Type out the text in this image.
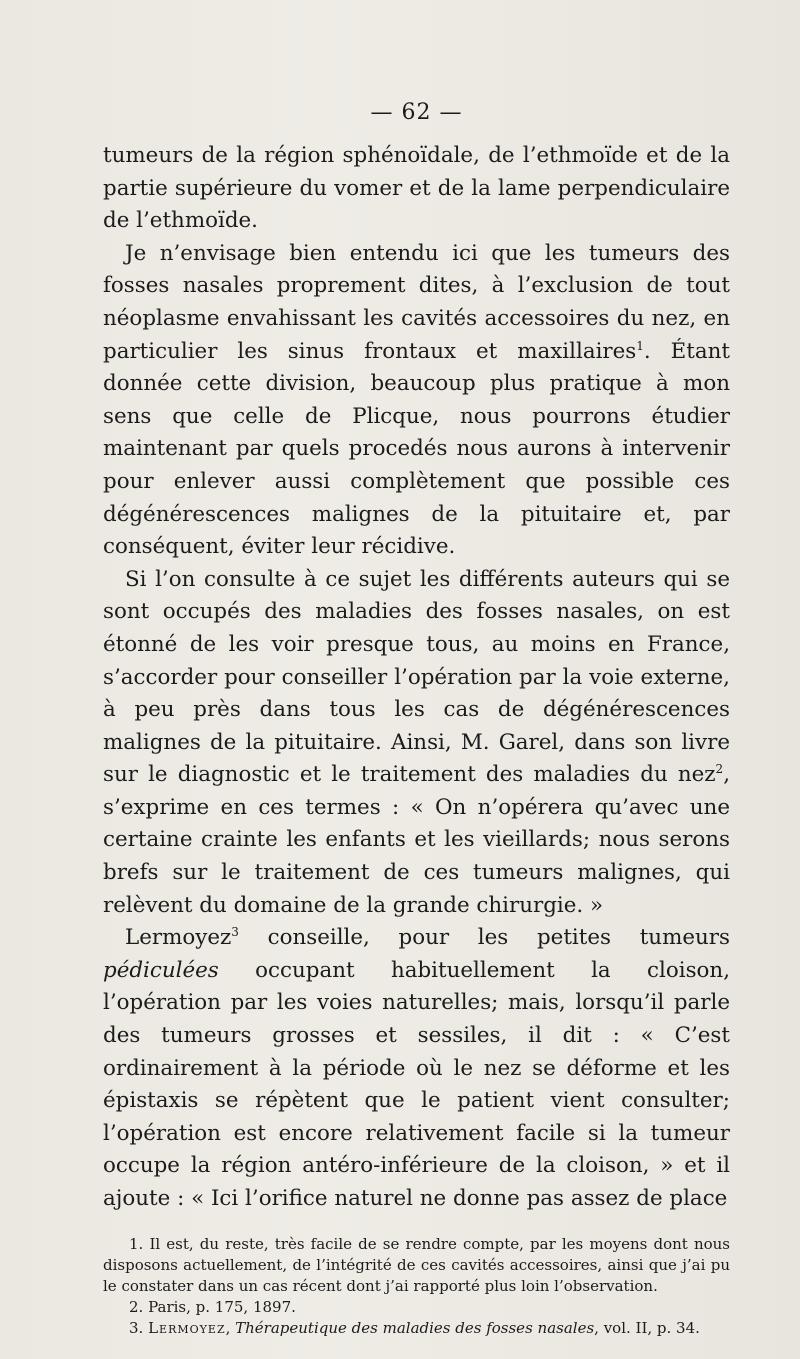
— 62 —

tumeurs de la région sphénoïdale, de l’ethmoïde et de la partie supérieure du vomer et de la lame perpendiculaire de l’ethmoïde.

Je n’envisage bien entendu ici que les tumeurs des fosses nasales proprement dites, à l’exclusion de tout néoplasme envahissant les cavités accessoires du nez, en particulier les sinus frontaux et maxillaires$^1$. Étant donnée cette division, beaucoup plus pratique à mon sens que celle de Plicque, nous pourrons étudier maintenant par quels procedés nous aurons à intervenir pour enlever aussi complètement que possible ces dégénérescences malignes de la pituitaire et, par conséquent, éviter leur récidive.

Si l’on consulte à ce sujet les différents auteurs qui se sont occupés des maladies des fosses nasales, on est étonné de les voir presque tous, au moins en France, s’accorder pour conseiller l’opération par la voie externe, à peu près dans tous les cas de dégénérescences malignes de la pituitaire. Ainsi, M. Garel, dans son livre sur le diagnostic et le traitement des maladies du nez$^2$, s’exprime en ces termes : « On n’opérera qu’avec une certaine crainte les enfants et les vieillards; nous serons brefs sur le traitement de ces tumeurs malignes, qui relèvent du domaine de la grande chirurgie. »

Lermoyez$^3$ conseille, pour les petites tumeurs pédiculées occupant habituellement la cloison, l’opération par les voies naturelles; mais, lorsqu’il parle des tumeurs grosses et sessiles, il dit : « C’est ordinairement à la période où le nez se déforme et les épistaxis se répètent que le patient vient consulter; l’opération est encore relativement facile si la tumeur occupe la région antéro-inférieure de la cloison, » et il ajoute : « Ici l’orifice naturel ne donne pas assez de place

1. Il est, du reste, très facile de se rendre compte, par les moyens dont nous disposons actuellement, de l’intégrité de ces cavités accessoires, ainsi que j’ai pu le constater dans un cas récent dont j’ai rapporté plus loin l’observation.

2. Paris, p. 175, 1897.

3. Lermoyez, Thérapeutique des maladies des fosses nasales, vol. II, p. 34.
